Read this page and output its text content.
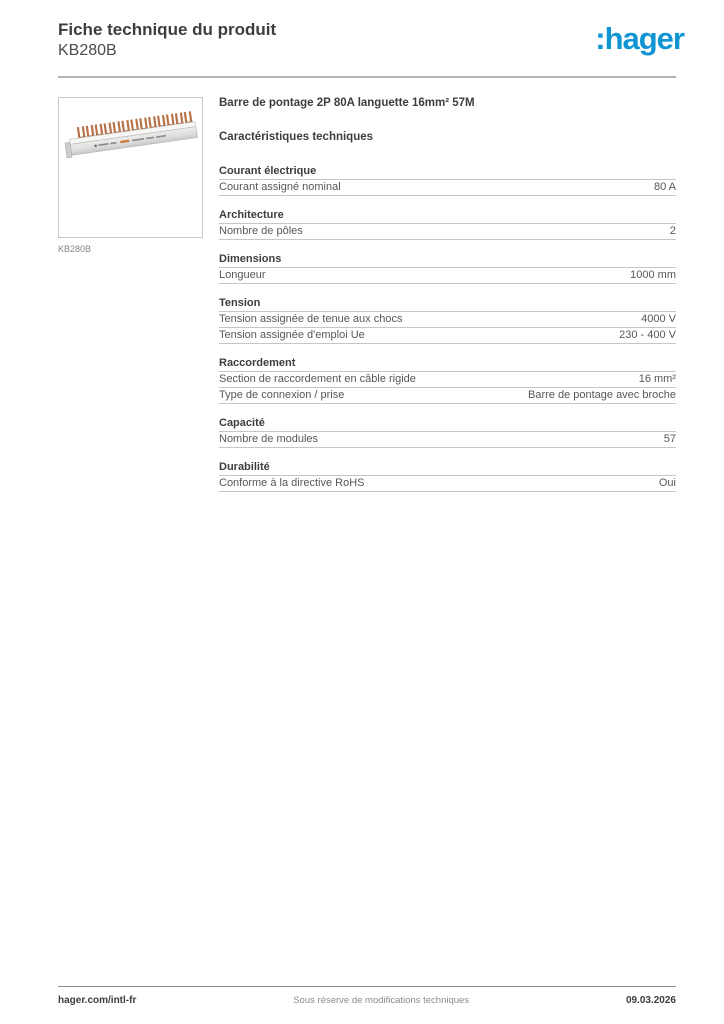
Fiche technique du produit
KB280B	:hager
KB280B
Barre de pontage 2P 80A languette 16mm² 57M
Caractéristiques techniques
Courant électrique
Courant assigné nominal	80 A
Architecture
Nombre de pôles	2
Dimensions
Longueur	1000 mm
Tension
Tension assignée de tenue aux chocs	4000 V
Tension assignée d'emploi Ue	230 - 400 V
Raccordement
Section de raccordement en câble rigide	16 mm²
Type de connexion / prise	Barre de pontage avec broche
Capacité
Nombre de modules	57
Durabilité
Conforme à la directive RoHS	Oui
hager.com/intl-fr	Sous réserve de modifications techniques	09.03.2026
